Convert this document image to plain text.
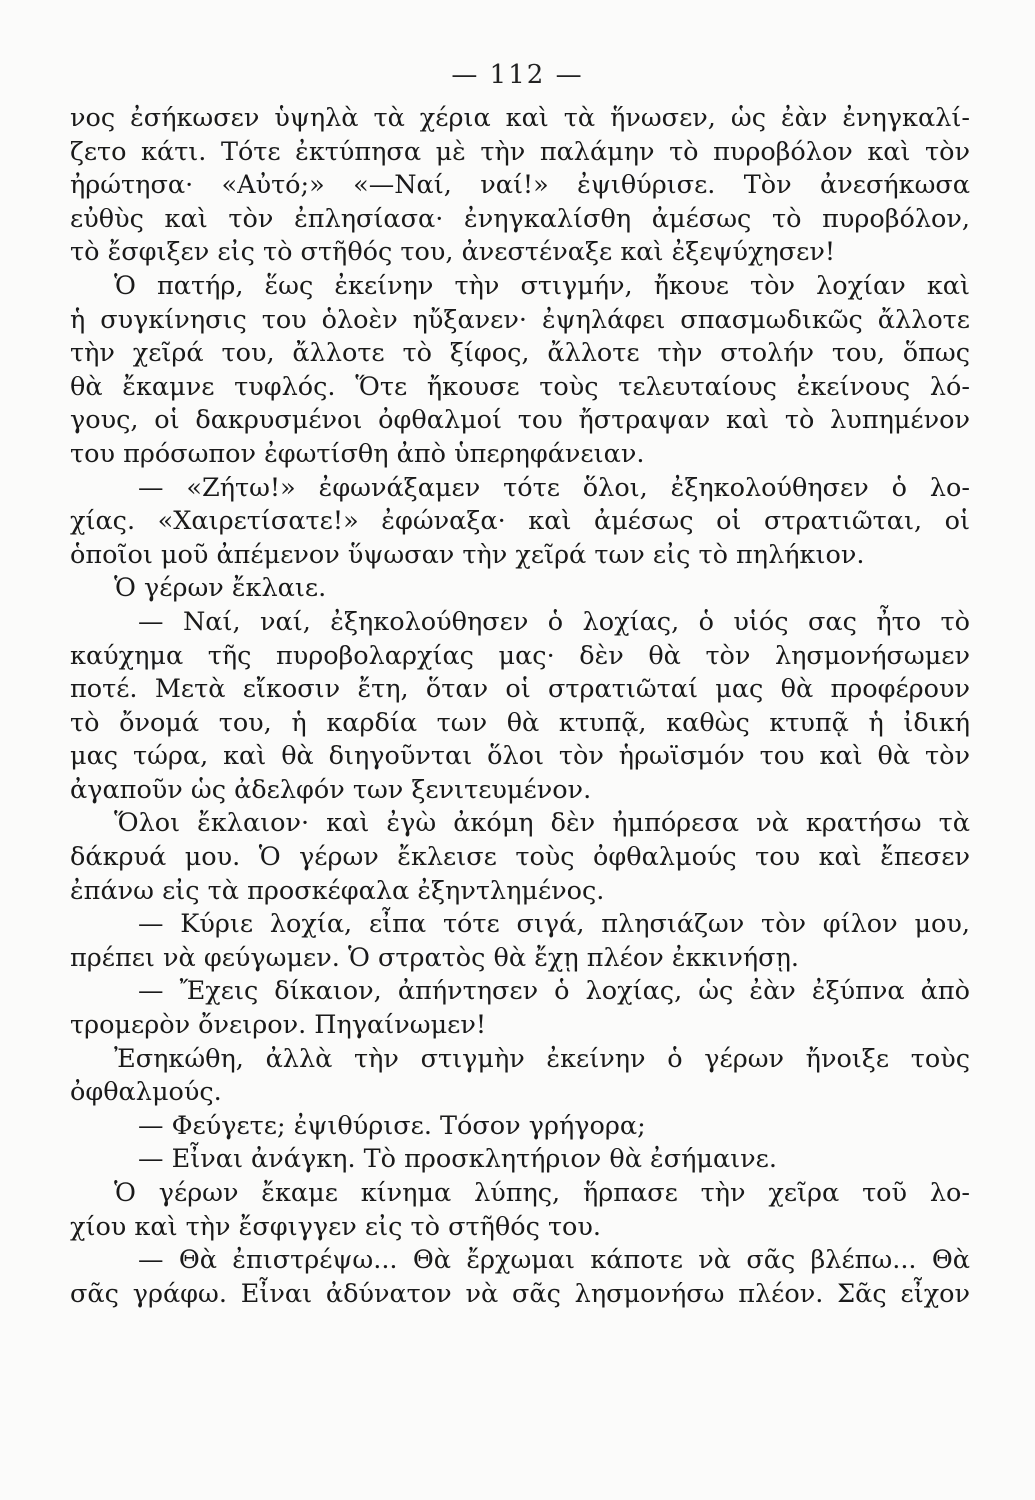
— 112 —
νος ἐσήκωσεν ὑψηλὰ τὰ χέρια καὶ τὰ ἥνωσεν, ὡς ἐὰν ἐνηγκαλί-
ζετο κάτι. Τότε ἐκτύπησα μὲ τὴν παλάμην τὸ πυροβόλον καὶ τὸν
ἠρώτησα· «Αὐτό;» «—Ναί, ναί!» ἐψιθύρισε. Τὸν ἀνεσήκωσα
εὐθὺς καὶ τὸν ἐπλησίασα· ἐνηγκαλίσθη ἀμέσως τὸ πυροβόλον,
τὸ ἔσφιξεν εἰς τὸ στῆθός του, ἀνεστέναξε καὶ ἐξεψύχησεν!
Ὁ πατήρ, ἕως ἐκείνην τὴν στιγμήν, ἤκουε τὸν λοχίαν καὶ
ἡ συγκίνησις του ὁλοὲν ηὔξανεν· ἐψηλάφει σπασμωδικῶς ἄλλοτε
τὴν χεῖρά του, ἄλλοτε τὸ ξίφος, ἄλλοτε τὴν στολήν του, ὅπως
θὰ ἔκαμνε τυφλός. Ὅτε ἤκουσε τοὺς τελευταίους ἐκείνους λό-
γους, οἱ δακρυσμένοι ὀφθαλμοί του ἤστραψαν καὶ τὸ λυπημένον
του πρόσωπον ἐφωτίσθη ἀπὸ ὑπερηφάνειαν.
— «Ζήτω!» ἐφωνάξαμεν τότε ὅλοι, ἐξηκολούθησεν ὁ λο-
χίας. «Χαιρετίσατε!» ἐφώναξα· καὶ ἀμέσως οἱ στρατιῶται, οἱ
ὁποῖοι μοῦ ἀπέμενον ὕψωσαν τὴν χεῖρά των εἰς τὸ πηλήκιον.
Ὁ γέρων ἔκλαιε.
— Ναί, ναί, ἐξηκολούθησεν ὁ λοχίας, ὁ υἱός σας ἦτο τὸ
καύχημα τῆς πυροβολαρχίας μας· δὲν θὰ τὸν λησμονήσωμεν
ποτέ. Μετὰ εἴκοσιν ἔτη, ὅταν οἱ στρατιῶταί μας θὰ προφέρουν
τὸ ὄνομά του, ἡ καρδία των θὰ κτυπᾷ, καθὼς κτυπᾷ ἡ ἰδική
μας τώρα, καὶ θὰ διηγοῦνται ὅλοι τὸν ἡρωϊσμόν του καὶ θὰ τὸν
ἀγαποῦν ὡς ἀδελφόν των ξενιτευμένον.
Ὅλοι ἔκλαιον· καὶ ἐγὼ ἀκόμη δὲν ἠμπόρεσα νὰ κρατήσω τὰ
δάκρυά μου. Ὁ γέρων ἔκλεισε τοὺς ὀφθαλμούς του καὶ ἔπεσεν
ἐπάνω εἰς τὰ προσκέφαλα ἐξηντλημένος.
— Κύριε λοχία, εἶπα τότε σιγά, πλησιάζων τὸν φίλον μου,
πρέπει νὰ φεύγωμεν. Ὁ στρατὸς θὰ ἔχῃ πλέον ἐκκινήσῃ.
— Ἔχεις δίκαιον, ἀπήντησεν ὁ λοχίας, ὡς ἐὰν ἐξύπνα ἀπὸ
τρομερὸν ὄνειρον. Πηγαίνωμεν!
Ἐσηκώθη, ἀλλὰ τὴν στιγμὴν ἐκείνην ὁ γέρων ἤνοιξε τοὺς
ὀφθαλμούς.
— Φεύγετε; ἐψιθύρισε. Τόσον γρήγορα;
— Εἶναι ἀνάγκη. Τὸ προσκλητήριον θὰ ἐσήμαινε.
Ὁ γέρων ἔκαμε κίνημα λύπης, ἥρπασε τὴν χεῖρα τοῦ λο-
χίου καὶ τὴν ἔσφιγγεν εἰς τὸ στῆθός του.
— Θὰ ἐπιστρέψω... Θὰ ἔρχωμαι κάποτε νὰ σᾶς βλέπω... Θὰ
σᾶς γράφω. Εἶναι ἀδύνατον νὰ σᾶς λησμονήσω πλέον. Σᾶς εἶχον
